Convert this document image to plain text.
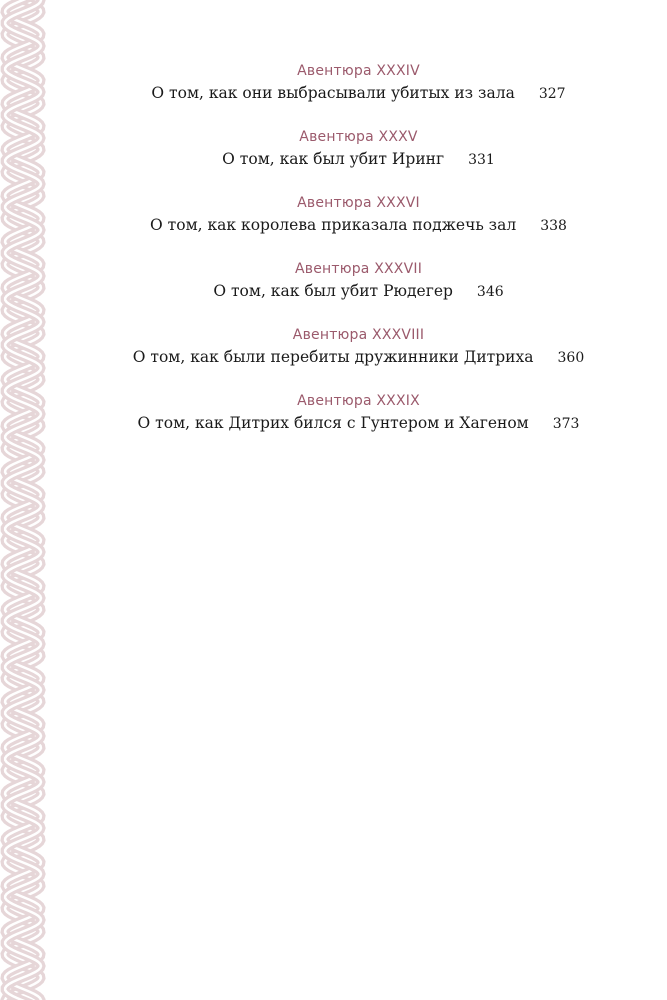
Авентюра XXXIV
О том, как они выбрасывали убитых из зала 327
Авентюра XXXV
О том, как был убит Иринг 331
Авентюра XXXVI
О том, как королева приказала поджечь зал 338
Авентюра XXXVII
О том, как был убит Рюдегер 346
Авентюра XXXVIII
О том, как были перебиты дружинники Дитриха 360
Авентюра XXXIX
О том, как Дитрих бился с Гунтером и Хагеном 373
